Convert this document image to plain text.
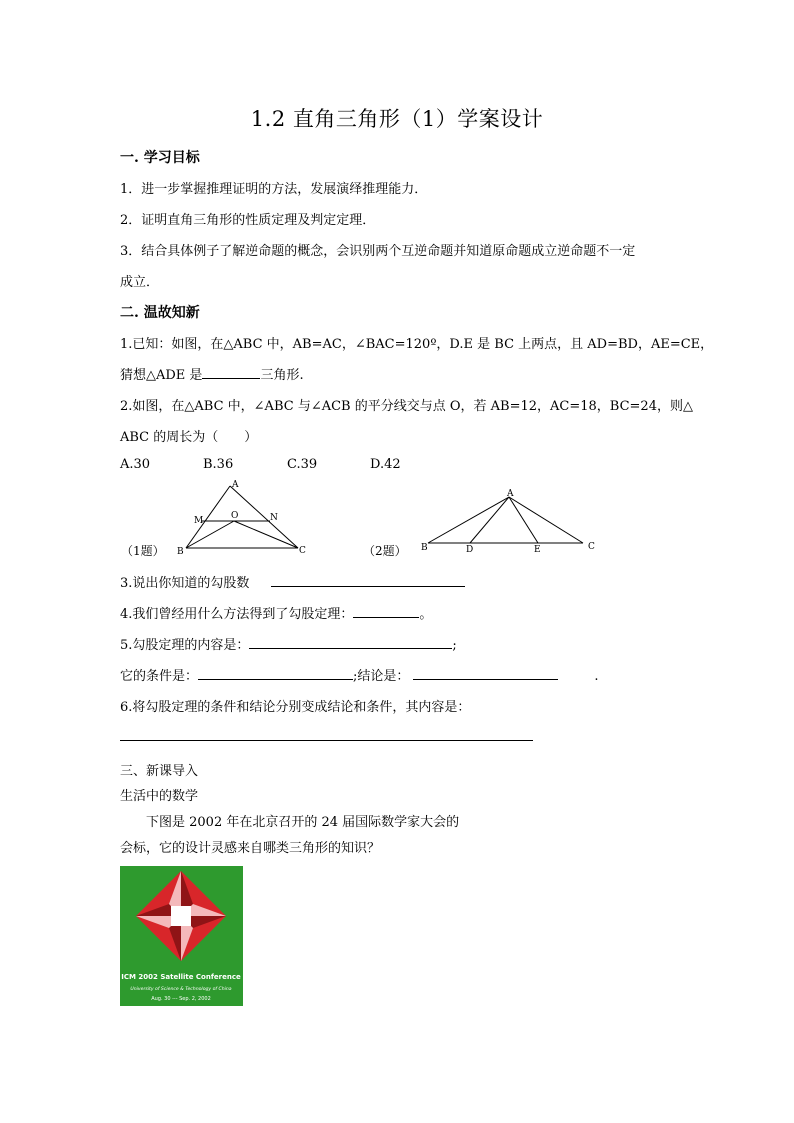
1.2 直角三角形（1）学案设计
一. 学习目标
1．进一步掌握推理证明的方法，发展演绎推理能力．
2．证明直角三角形的性质定理及判定定理．
3．结合具体例子了解逆命题的概念，会识别两个互逆命题并知道原命题成立逆命题不一定
成立．
二. 温故知新
1.已知：如图，在△ABC 中，AB=AC，∠BAC=120º，D.E 是 BC 上两点，且 AD=BD，AE=CE，
猜想△ADE 是	三角形.
2.如图，在△ABC 中，∠ABC 与∠ACB 的平分线交与点 O，若 AB=12，AC=18，BC=24，则△
ABC 的周长为（　　）
A.30	B.36	C.39	D.42
A
M	O	N
B	C
（1题）
A
B	D	E	C
（2题）
3.说出你知道的勾股数
4.我们曾经用什么方法得到了勾股定理：	。
5.勾股定理的内容是：	;
它的条件是：	;结论是：	.
6.将勾股定理的条件和结论分别变成结论和条件，其内容是：
三、新课导入
生活中的数学
下图是 2002 年在北京召开的 24 届国际数学家大会的
会标，它的设计灵感来自哪类三角形的知识？
ICM 2002 Satellite Conference
University of Science & Technology of China
Aug. 30 --- Sep. 2, 2002
